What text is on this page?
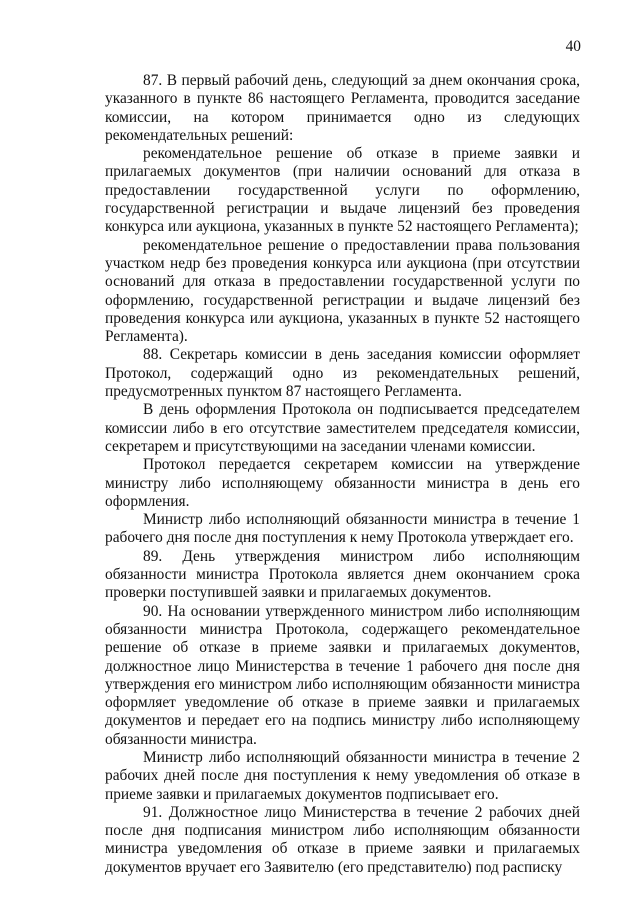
40

87. В первый рабочий день, следующий за днем окончания срока, указанного в пункте 86 настоящего Регламента, проводится заседание комиссии, на котором принимается одно из следующих рекомендательных решений:

рекомендательное решение об отказе в приеме заявки и прилагаемых документов (при наличии оснований для отказа в предоставлении государственной услуги по оформлению, государственной регистрации и выдаче лицензий без проведения конкурса или аукциона, указанных в пункте 52 настоящего Регламента);

рекомендательное решение о предоставлении права пользования участком недр без проведения конкурса или аукциона (при отсутствии оснований для отказа в предоставлении государственной услуги по оформлению, государственной регистрации и выдаче лицензий без проведения конкурса или аукциона, указанных в пункте 52 настоящего Регламента).

88. Секретарь комиссии в день заседания комиссии оформляет Протокол, содержащий одно из рекомендательных решений, предусмотренных пунктом 87 настоящего Регламента.

В день оформления Протокола он подписывается председателем комиссии либо в его отсутствие заместителем председателя комиссии, секретарем и присутствующими на заседании членами комиссии.

Протокол передается секретарем комиссии на утверждение министру либо исполняющему обязанности министра в день его оформления.

Министр либо исполняющий обязанности министра в течение 1 рабочего дня после дня поступления к нему Протокола утверждает его.

89. День утверждения министром либо исполняющим обязанности министра Протокола является днем окончанием срока проверки поступившей заявки и прилагаемых документов.

90. На основании утвержденного министром либо исполняющим обязанности министра Протокола, содержащего рекомендательное решение об отказе в приеме заявки и прилагаемых документов, должностное лицо Министерства в течение 1 рабочего дня после дня утверждения его министром либо исполняющим обязанности министра оформляет уведомление об отказе в приеме заявки и прилагаемых документов и передает его на подпись министру либо исполняющему обязанности министра.

Министр либо исполняющий обязанности министра в течение 2 рабочих дней после дня поступления к нему уведомления об отказе в приеме заявки и прилагаемых документов подписывает его.

91. Должностное лицо Министерства в течение 2 рабочих дней после дня подписания министром либо исполняющим обязанности министра уведомления об отказе в приеме заявки и прилагаемых документов вручает его Заявителю (его представителю) под расписку
